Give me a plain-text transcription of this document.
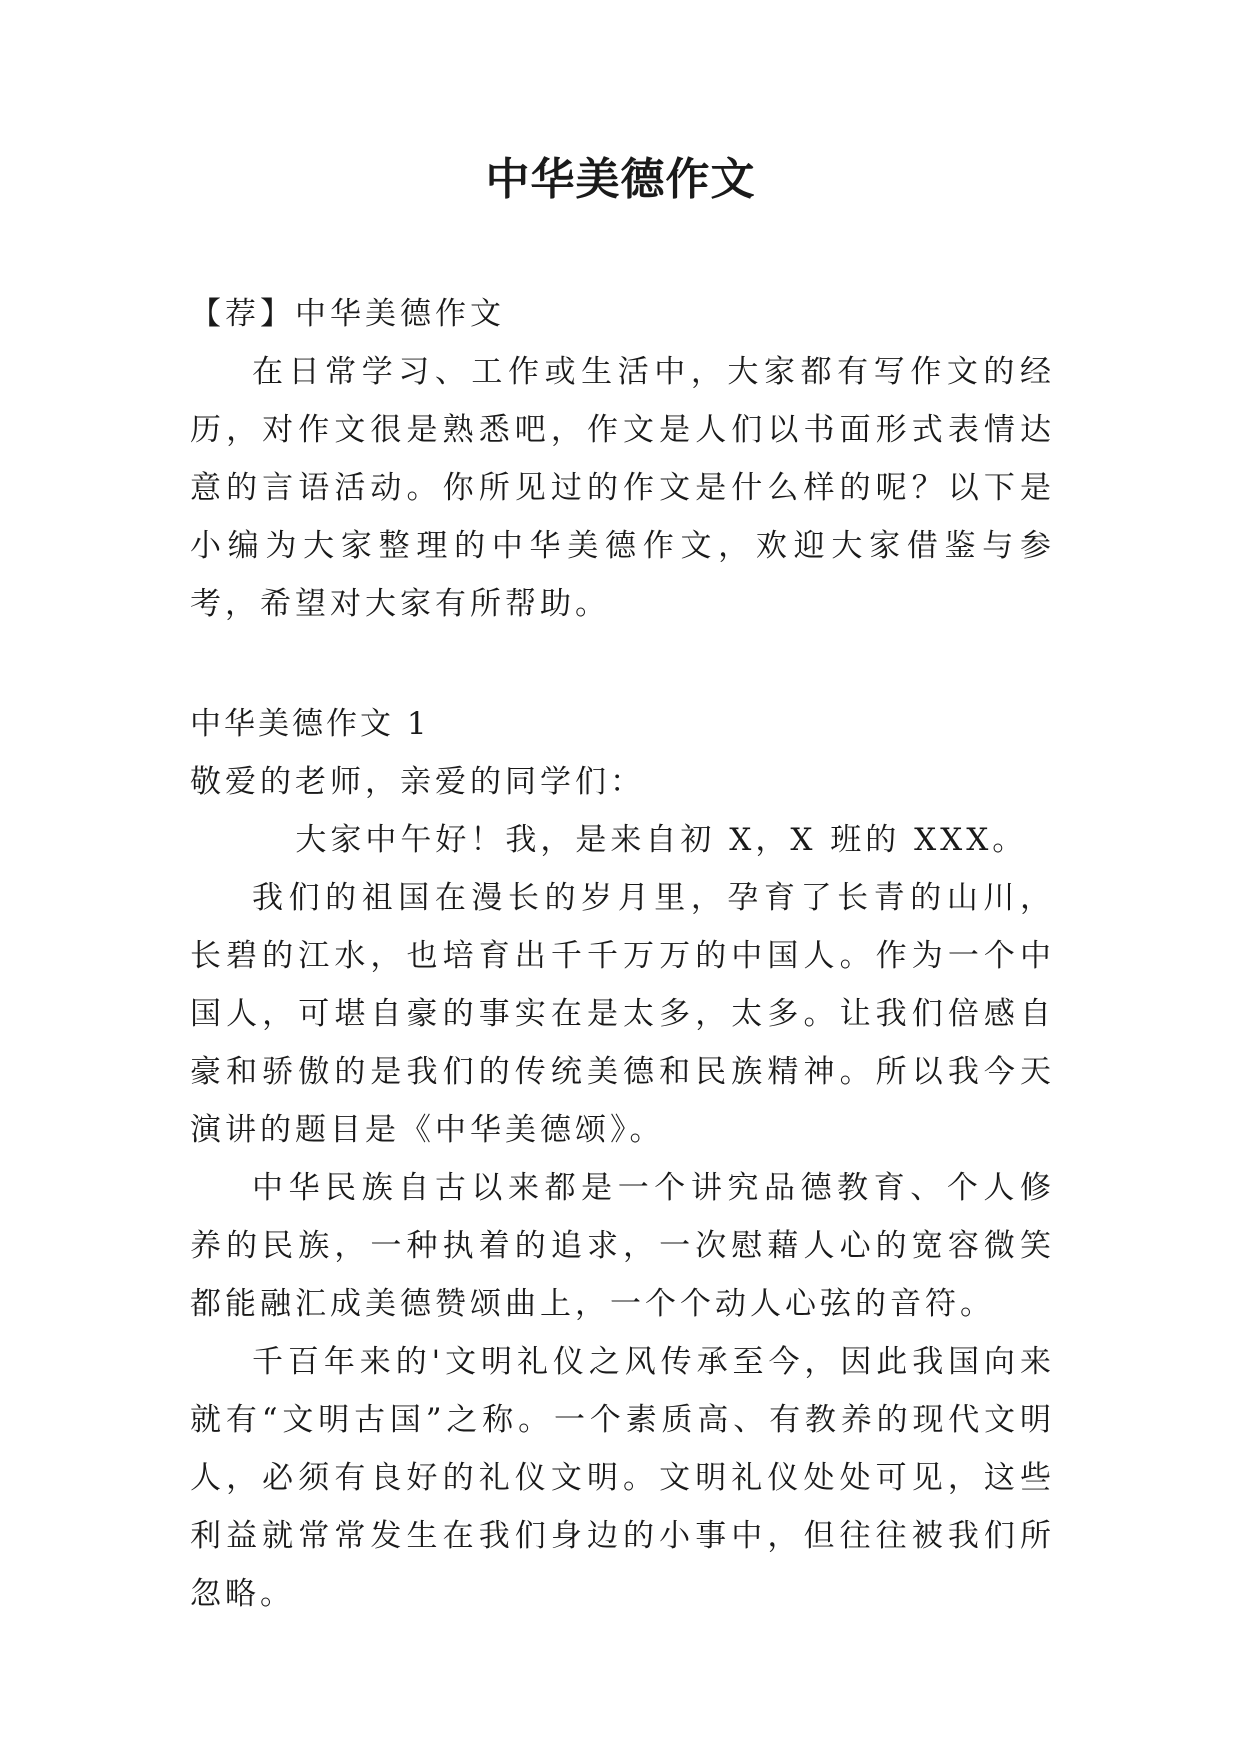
中华美德作文

【荐】中华美德作文

在日常学习、工作或生活中，大家都有写作文的经历，对作文很是熟悉吧，作文是人们以书面形式表情达意的言语活动。你所见过的作文是什么样的呢？以下是小编为大家整理的中华美德作文，欢迎大家借鉴与参考，希望对大家有所帮助。

中华美德作文 1

敬爱的老师，亲爱的同学们：

大家中午好！我，是来自初 X，X 班的 XXX。

我们的祖国在漫长的岁月里，孕育了长青的山川，长碧的江水，也培育出千千万万的中国人。作为一个中国人，可堪自豪的事实在是太多，太多。让我们倍感自豪和骄傲的是我们的传统美德和民族精神。所以我今天演讲的题目是《中华美德颂》。

中华民族自古以来都是一个讲究品德教育、个人修养的民族，一种执着的追求，一次慰藉人心的宽容微笑都能融汇成美德赞颂曲上，一个个动人心弦的音符。

千百年来的'文明礼仪之风传承至今，因此我国向来就有“文明古国”之称。一个素质高、有教养的现代文明人，必须有良好的礼仪文明。文明礼仪处处可见，这些利益就常常发生在我们身边的小事中，但往往被我们所忽略。
